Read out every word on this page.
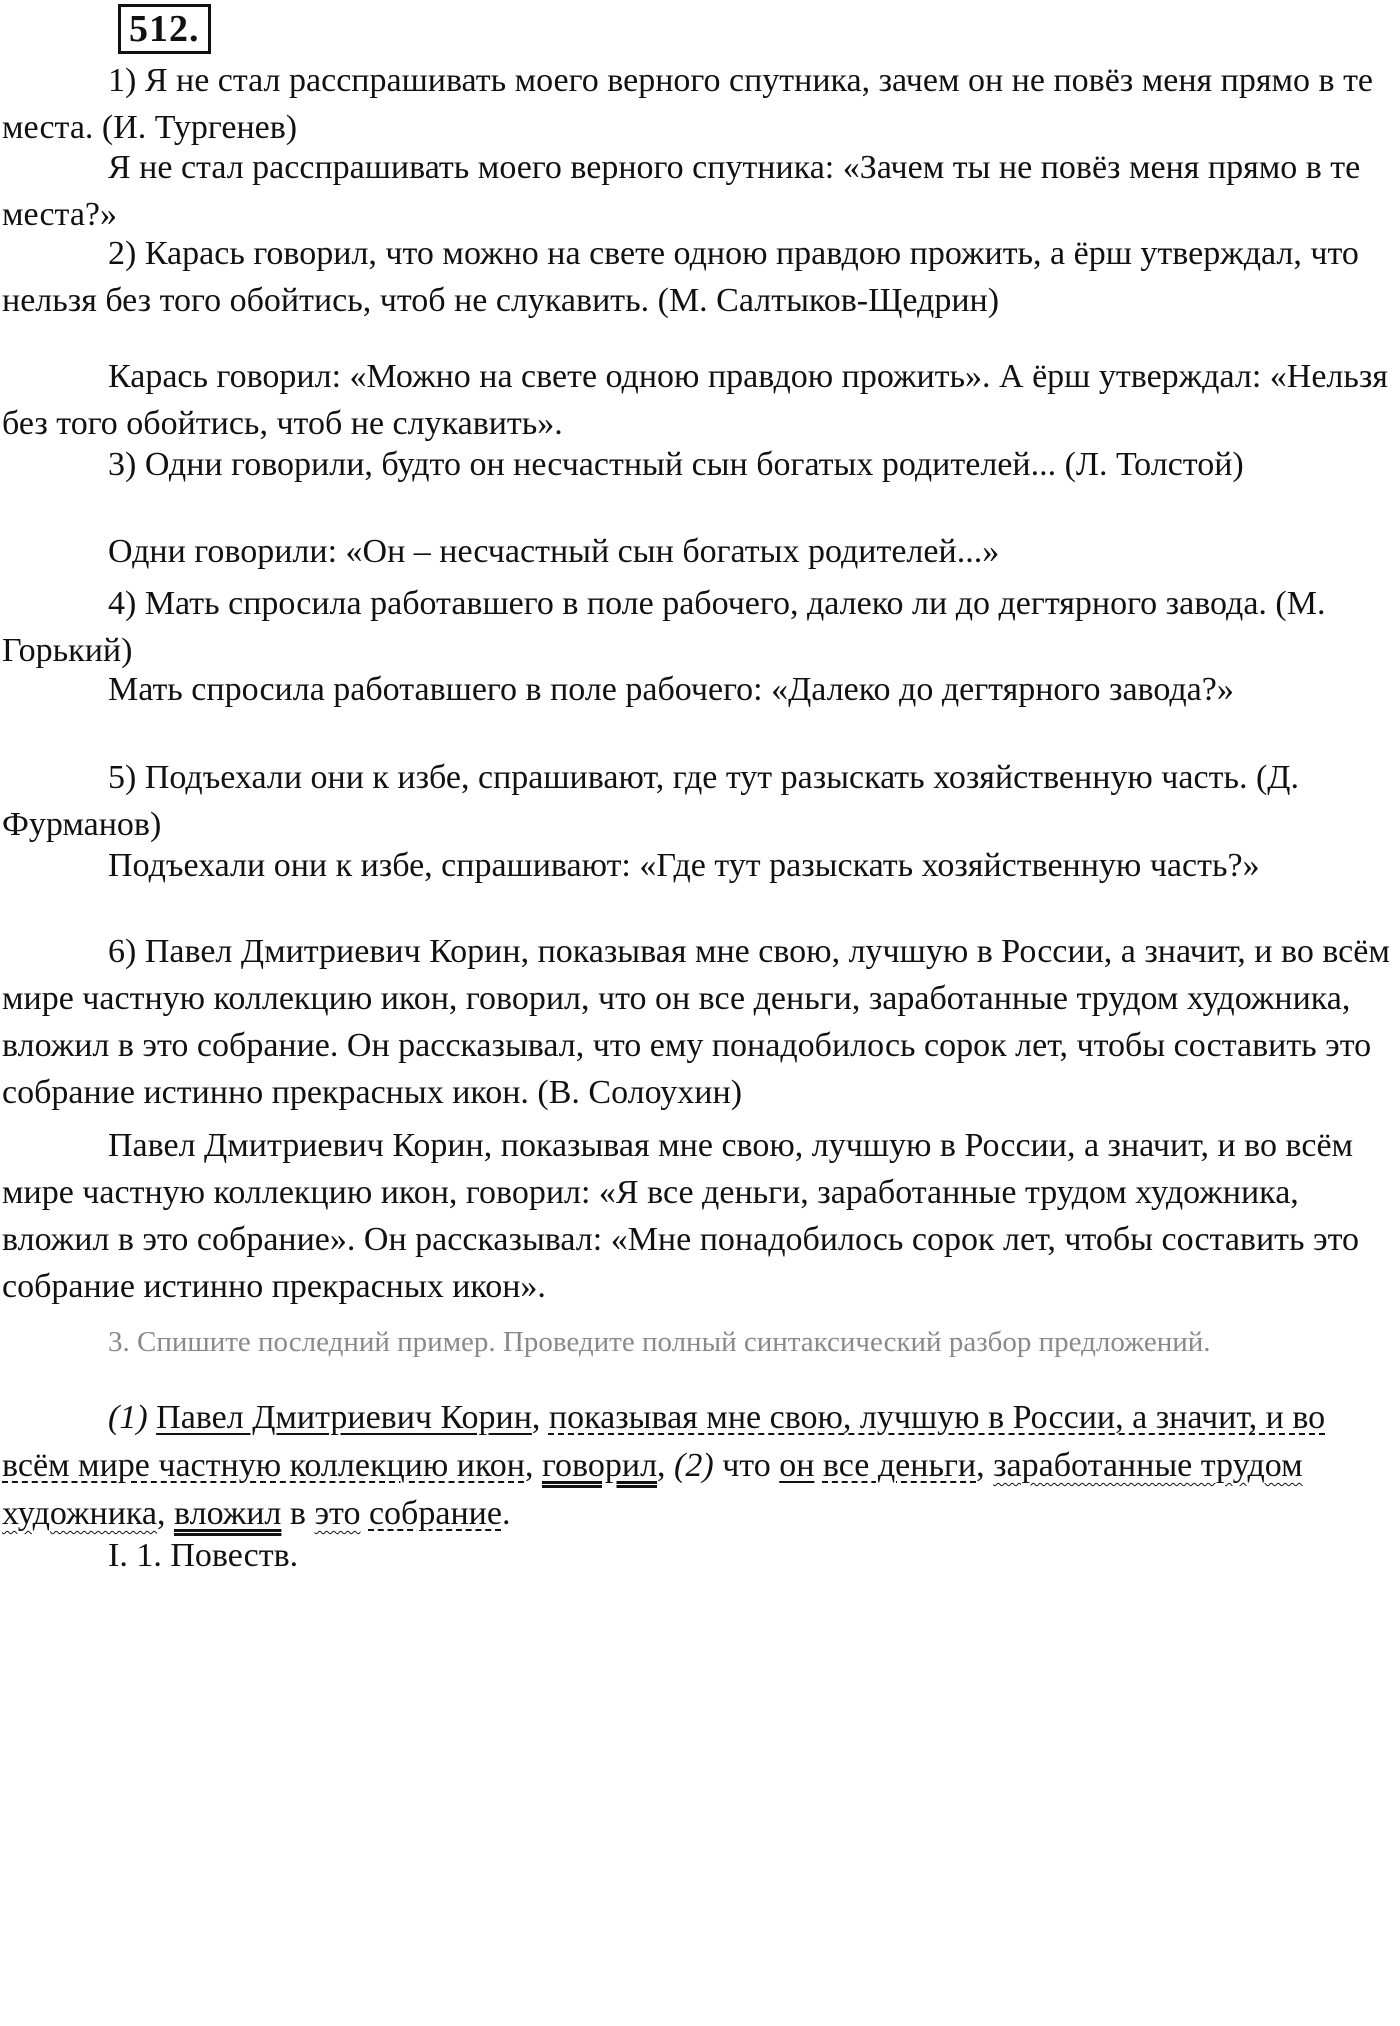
512.

1) Я не стал расспрашивать моего верного спутника, зачем он не повёз меня прямо в те места. (И. Тургенев)

Я не стал расспрашивать моего верного спутника: «Зачем ты не повёз меня прямо в те места?»

2) Карась говорил, что можно на свете одною правдою прожить, а ёрш утверждал, что нельзя без того обойтись, чтоб не слукавить. (М. Салтыков-Щедрин)

Карась говорил: «Можно на свете одною правдою прожить». А ёрш утверждал: «Нельзя без того обойтись, чтоб не слукавить».

3) Одни говорили, будто он несчастный сын богатых родителей... (Л. Толстой)

Одни говорили: «Он – несчастный сын богатых родителей...»

4) Мать спросила работавшего в поле рабочего, далеко ли до дегтярного завода. (М. Горький)

Мать спросила работавшего в поле рабочего: «Далеко до дегтярного завода?»

5) Подъехали они к избе, спрашивают, где тут разыскать хозяйственную часть. (Д. Фурманов)

Подъехали они к избе, спрашивают: «Где тут разыскать хозяйственную часть?»

6) Павел Дмитриевич Корин, показывая мне свою, лучшую в России, а значит, и во всём мире частную коллекцию икон, говорил, что он все деньги, заработанные трудом художника, вложил в это собрание. Он рассказывал, что ему понадобилось сорок лет, чтобы составить это собрание истинно прекрасных икон. (В. Солоухин)

Павел Дмитриевич Корин, показывая мне свою, лучшую в России, а значит, и во всём мире частную коллекцию икон, говорил: «Я все деньги, заработанные трудом художника, вложил в это собрание». Он рассказывал: «Мне понадобилось сорок лет, чтобы составить это собрание истинно прекрасных икон».

3. Спишите последний пример. Проведите полный синтаксический разбор предложений.

(1) Павел Дмитриевич Корин, показывая мне свою, лучшую в России, а значит, и во всём мире частную коллекцию икон, говорил, (2) что он все деньги, заработанные трудом художника, вложил в это собрание.

I. 1. Повеств.
